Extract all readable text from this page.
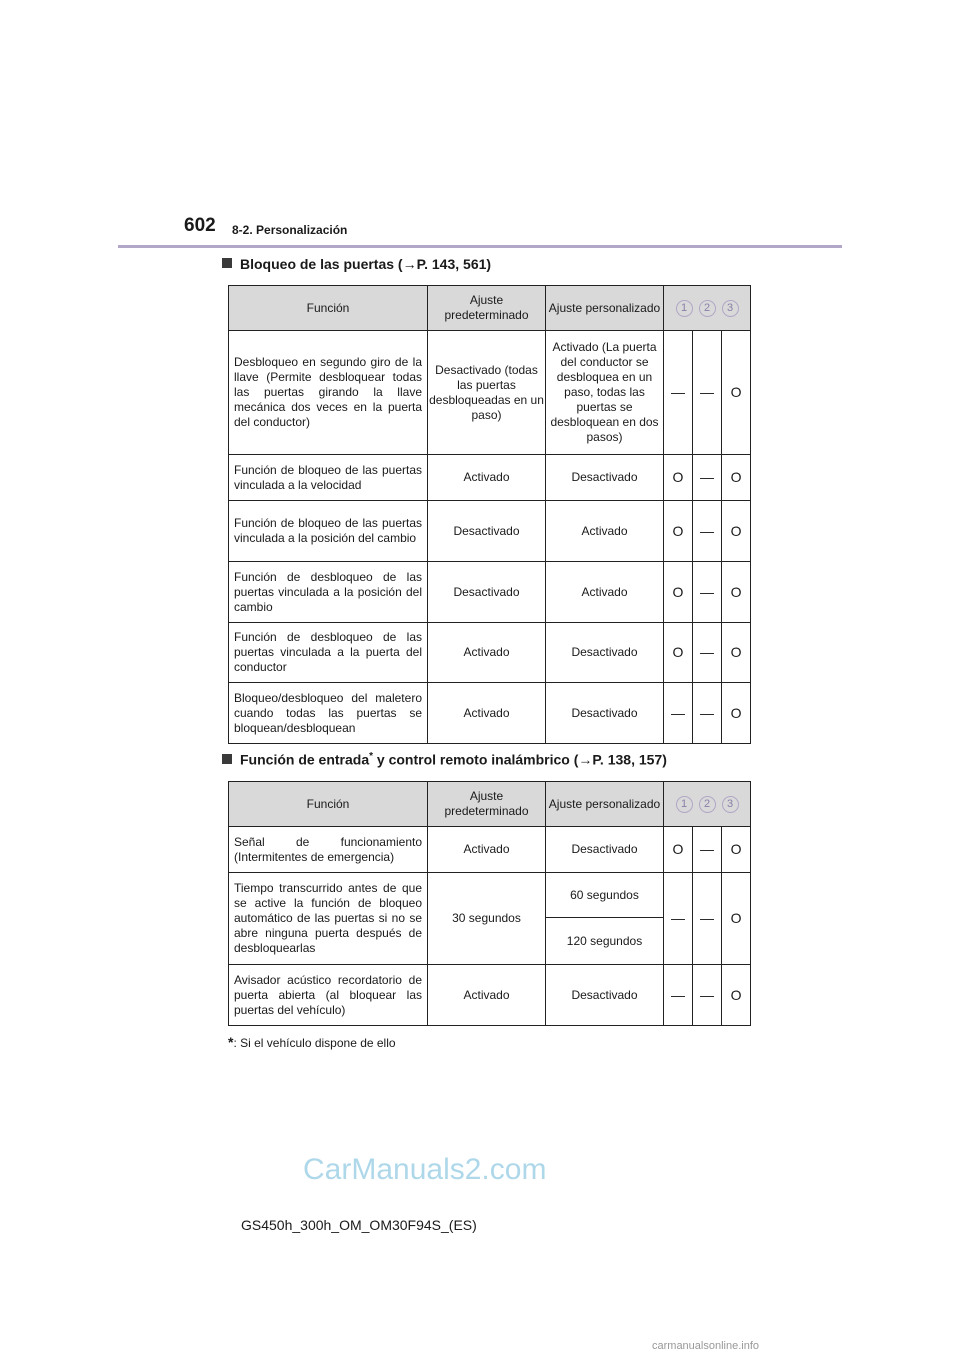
602 8-2. Personalización
Bloqueo de las puertas (→P. 143, 561)
Función	Ajuste predeterminado	Ajuste personalizado	1 2 3		
Desbloqueo en segundo giro de la llave (Permite desbloquear todas las puertas girando la llave mecánica dos veces en la puerta del conductor)	Desactivado (todas las puertas desbloqueadas en un paso)	Activado (La puerta del conductor se desbloquea en un paso, todas las puertas se desbloquean en dos pasos)	—	—	O
Función de bloqueo de las puertas vinculada a la velocidad	Activado	Desactivado	O	—	O
Función de bloqueo de las puertas vinculada a la posición del cambio	Desactivado	Activado	O	—	O
Función de desbloqueo de las puertas vinculada a la posición del cambio	Desactivado	Activado	O	—	O
Función de desbloqueo de las puertas vinculada a la puerta del conductor	Activado	Desactivado	O	—	O
Bloqueo/desbloqueo del maletero cuando todas las puertas se bloquean/desbloquean	Activado	Desactivado	—	—	O
Función de entrada* y control remoto inalámbrico (→P. 138, 157)
Función	Ajuste predeterminado	Ajuste personalizado	1 2 3		
Señal de funcionamiento (Intermitentes de emergencia)	Activado	Desactivado	O	—	O
Tiempo transcurrido antes de que se active la función de bloqueo automático de las puertas si no se abre ninguna puerta después de desbloquearlas	30 segundos	60 segundos	—	—	O
		120 segundos			
Avisador acústico recordatorio de puerta abierta (al bloquear las puertas del vehículo)	Activado	Desactivado	—	—	O
*: Si el vehículo dispone de ello
CarManuals2.com
GS450h_300h_OM_OM30F94S_(ES)
carmanualsonline.info
